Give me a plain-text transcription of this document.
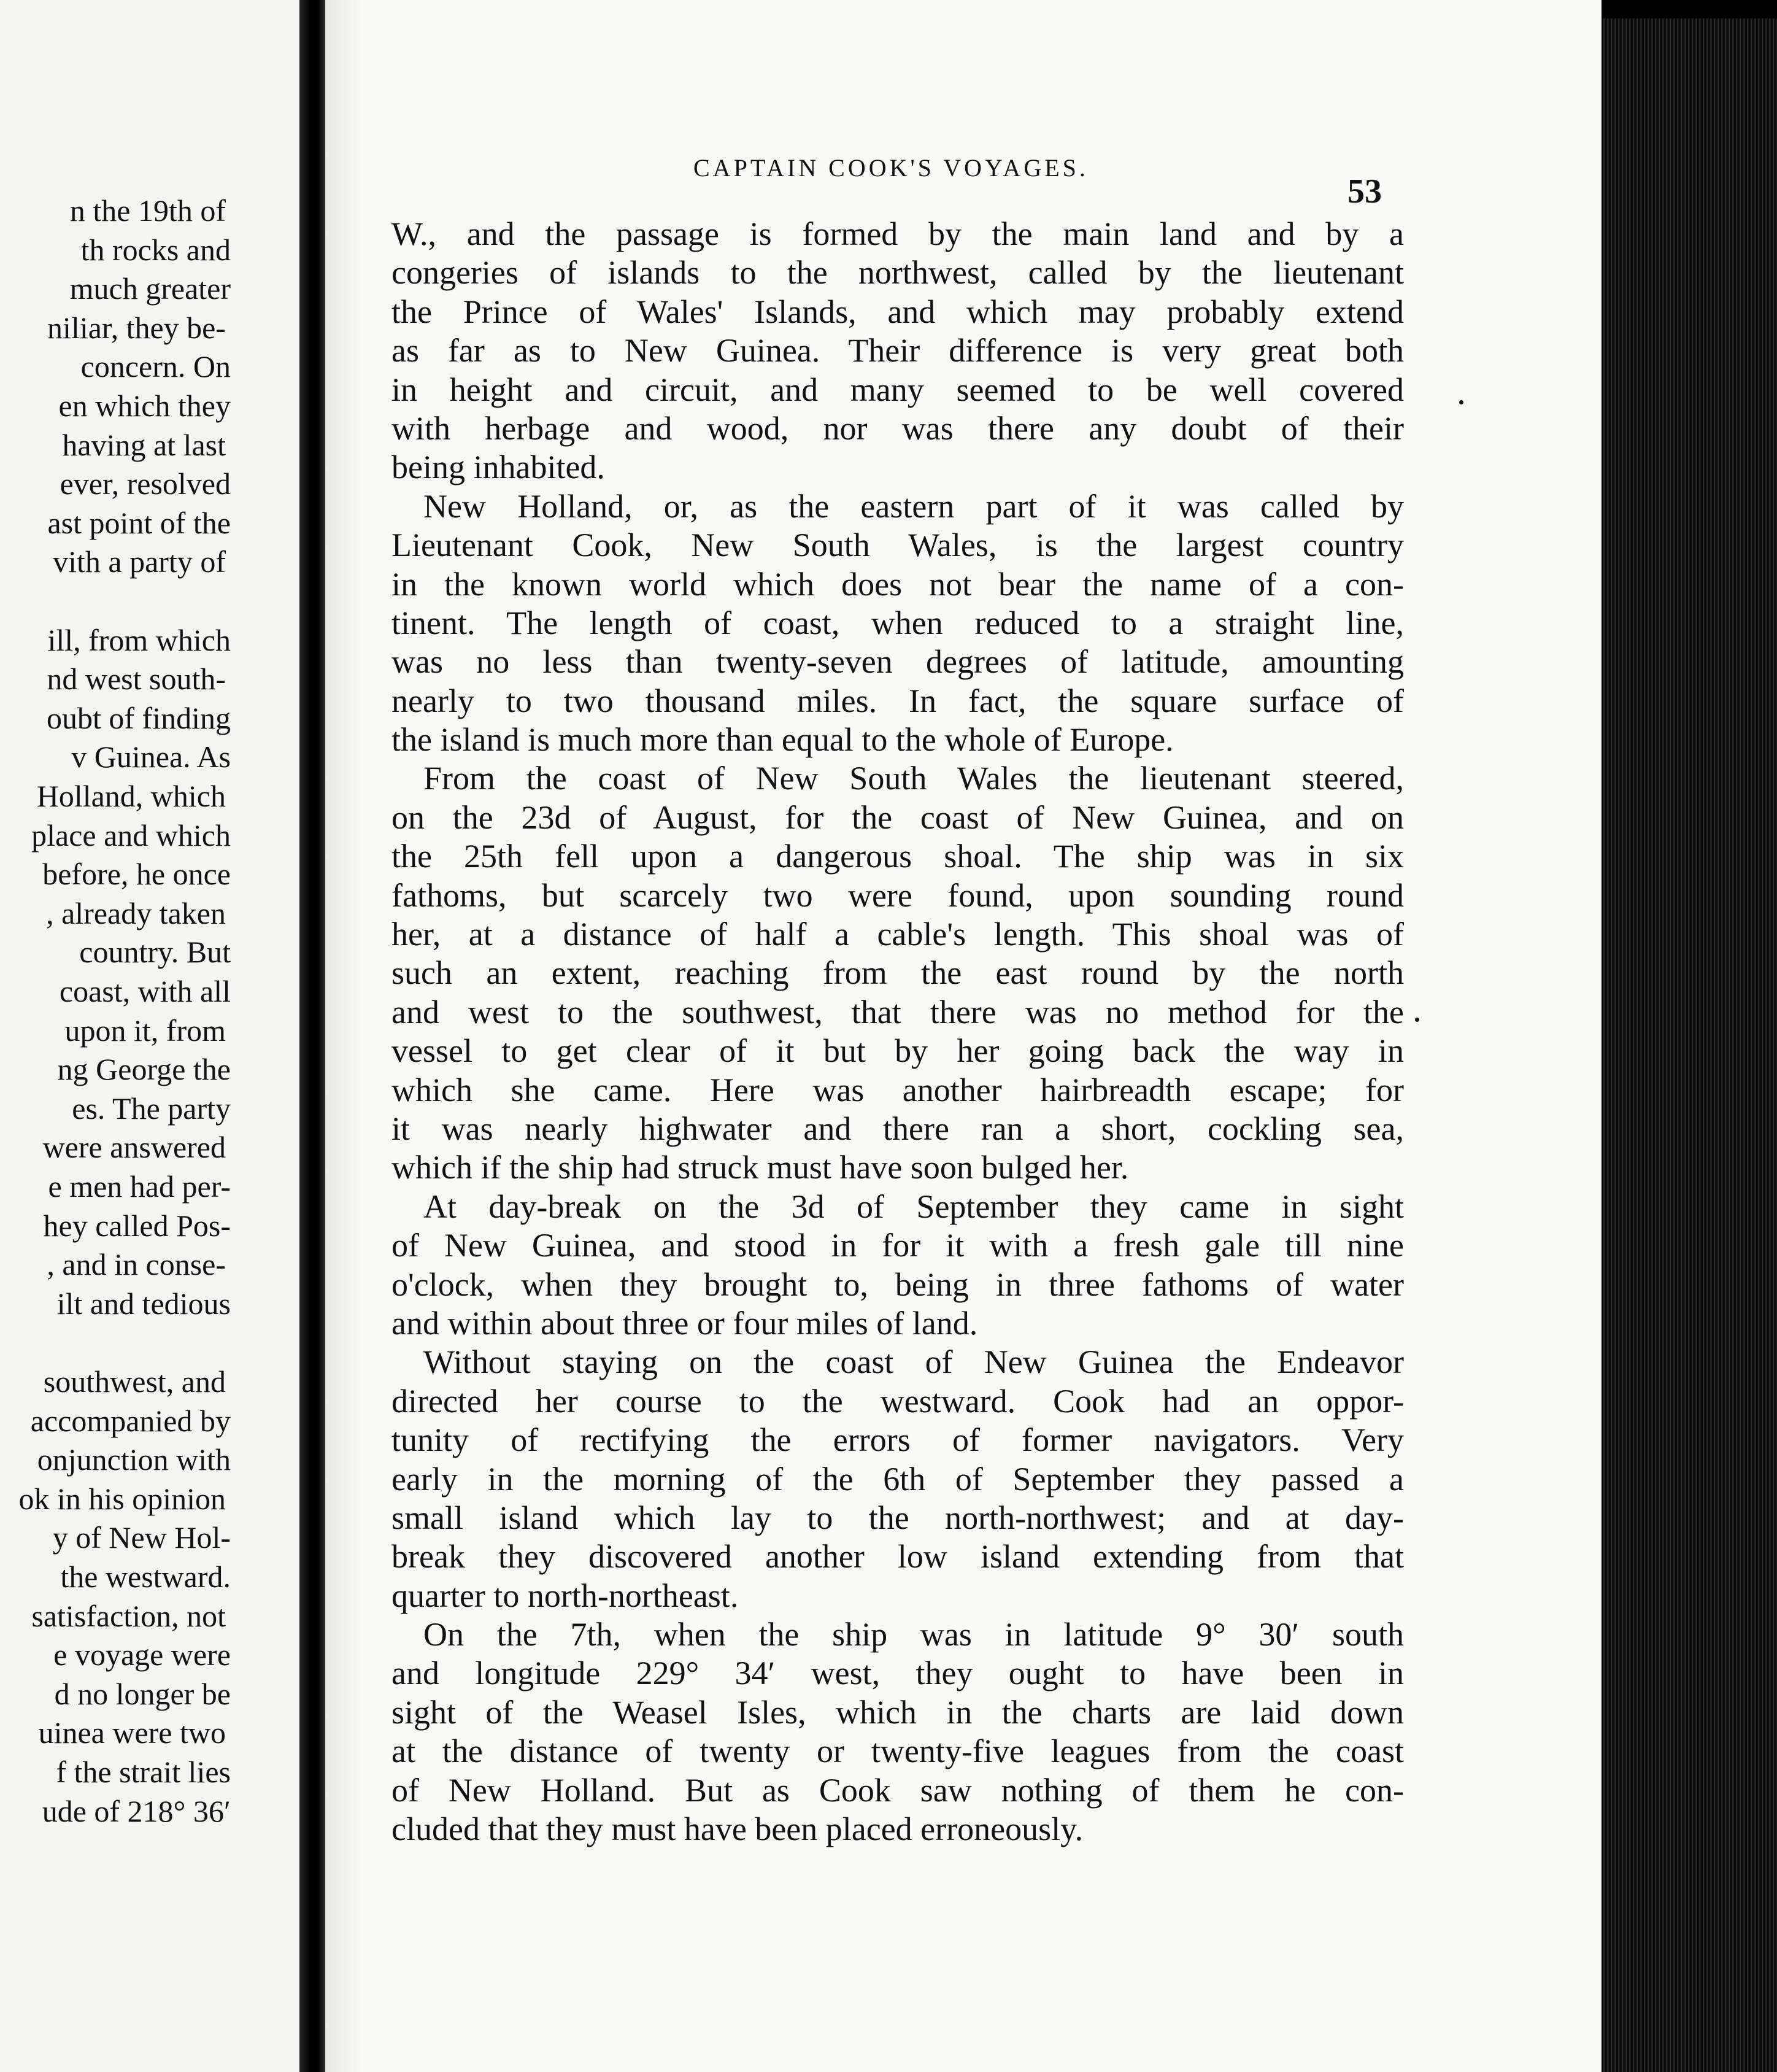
n the 19th of
th rocks and
much greater
niliar, they be-
concern. On
en which they
having at last
ever, resolved
ast point of the
vith a party of
ill, from which
nd west south-
oubt of finding
v Guinea. As
Holland, which
place and which
before, he once
, already taken
country. But
coast, with all
upon it, from
ng George the
es. The party
were answered
e men had per-
hey called Pos-
, and in conse-
ilt and tedious
southwest, and
accompanied by
onjunction with
ok in his opinion
y of New Hol-
the westward.
satisfaction, not
e voyage were
d no longer be
uinea were two
f the strait lies
ude of 218° 36′
CAPTAIN COOK'S VOYAGES.
53
W., and the passage is formed by the main land and by a
congeries of islands to the northwest, called by the lieutenant
the Prince of Wales' Islands, and which may probably extend
as far as to New Guinea. Their difference is very great both
in height and circuit, and many seemed to be well covered
with herbage and wood, nor was there any doubt of their
being inhabited.
New Holland, or, as the eastern part of it was called by
Lieutenant Cook, New South Wales, is the largest country
in the known world which does not bear the name of a con-
tinent. The length of coast, when reduced to a straight line,
was no less than twenty-seven degrees of latitude, amounting
nearly to two thousand miles. In fact, the square surface of
the island is much more than equal to the whole of Europe.
From the coast of New South Wales the lieutenant steered,
on the 23d of August, for the coast of New Guinea, and on
the 25th fell upon a dangerous shoal. The ship was in six
fathoms, but scarcely two were found, upon sounding round
her, at a distance of half a cable's length. This shoal was of
such an extent, reaching from the east round by the north
and west to the southwest, that there was no method for the
vessel to get clear of it but by her going back the way in
which she came. Here was another hairbreadth escape; for
it was nearly highwater and there ran a short, cockling sea,
which if the ship had struck must have soon bulged her.
At day-break on the 3d of September they came in sight
of New Guinea, and stood in for it with a fresh gale till nine
o'clock, when they brought to, being in three fathoms of water
and within about three or four miles of land.
Without staying on the coast of New Guinea the Endeavor
directed her course to the westward. Cook had an oppor-
tunity of rectifying the errors of former navigators. Very
early in the morning of the 6th of September they passed a
small island which lay to the north-northwest; and at day-
break they discovered another low island extending from that
quarter to north-northeast.
On the 7th, when the ship was in latitude 9° 30′ south
and longitude 229° 34′ west, they ought to have been in
sight of the Weasel Isles, which in the charts are laid down
at the distance of twenty or twenty-five leagues from the coast
of New Holland. But as Cook saw nothing of them he con-
cluded that they must have been placed erroneously.
